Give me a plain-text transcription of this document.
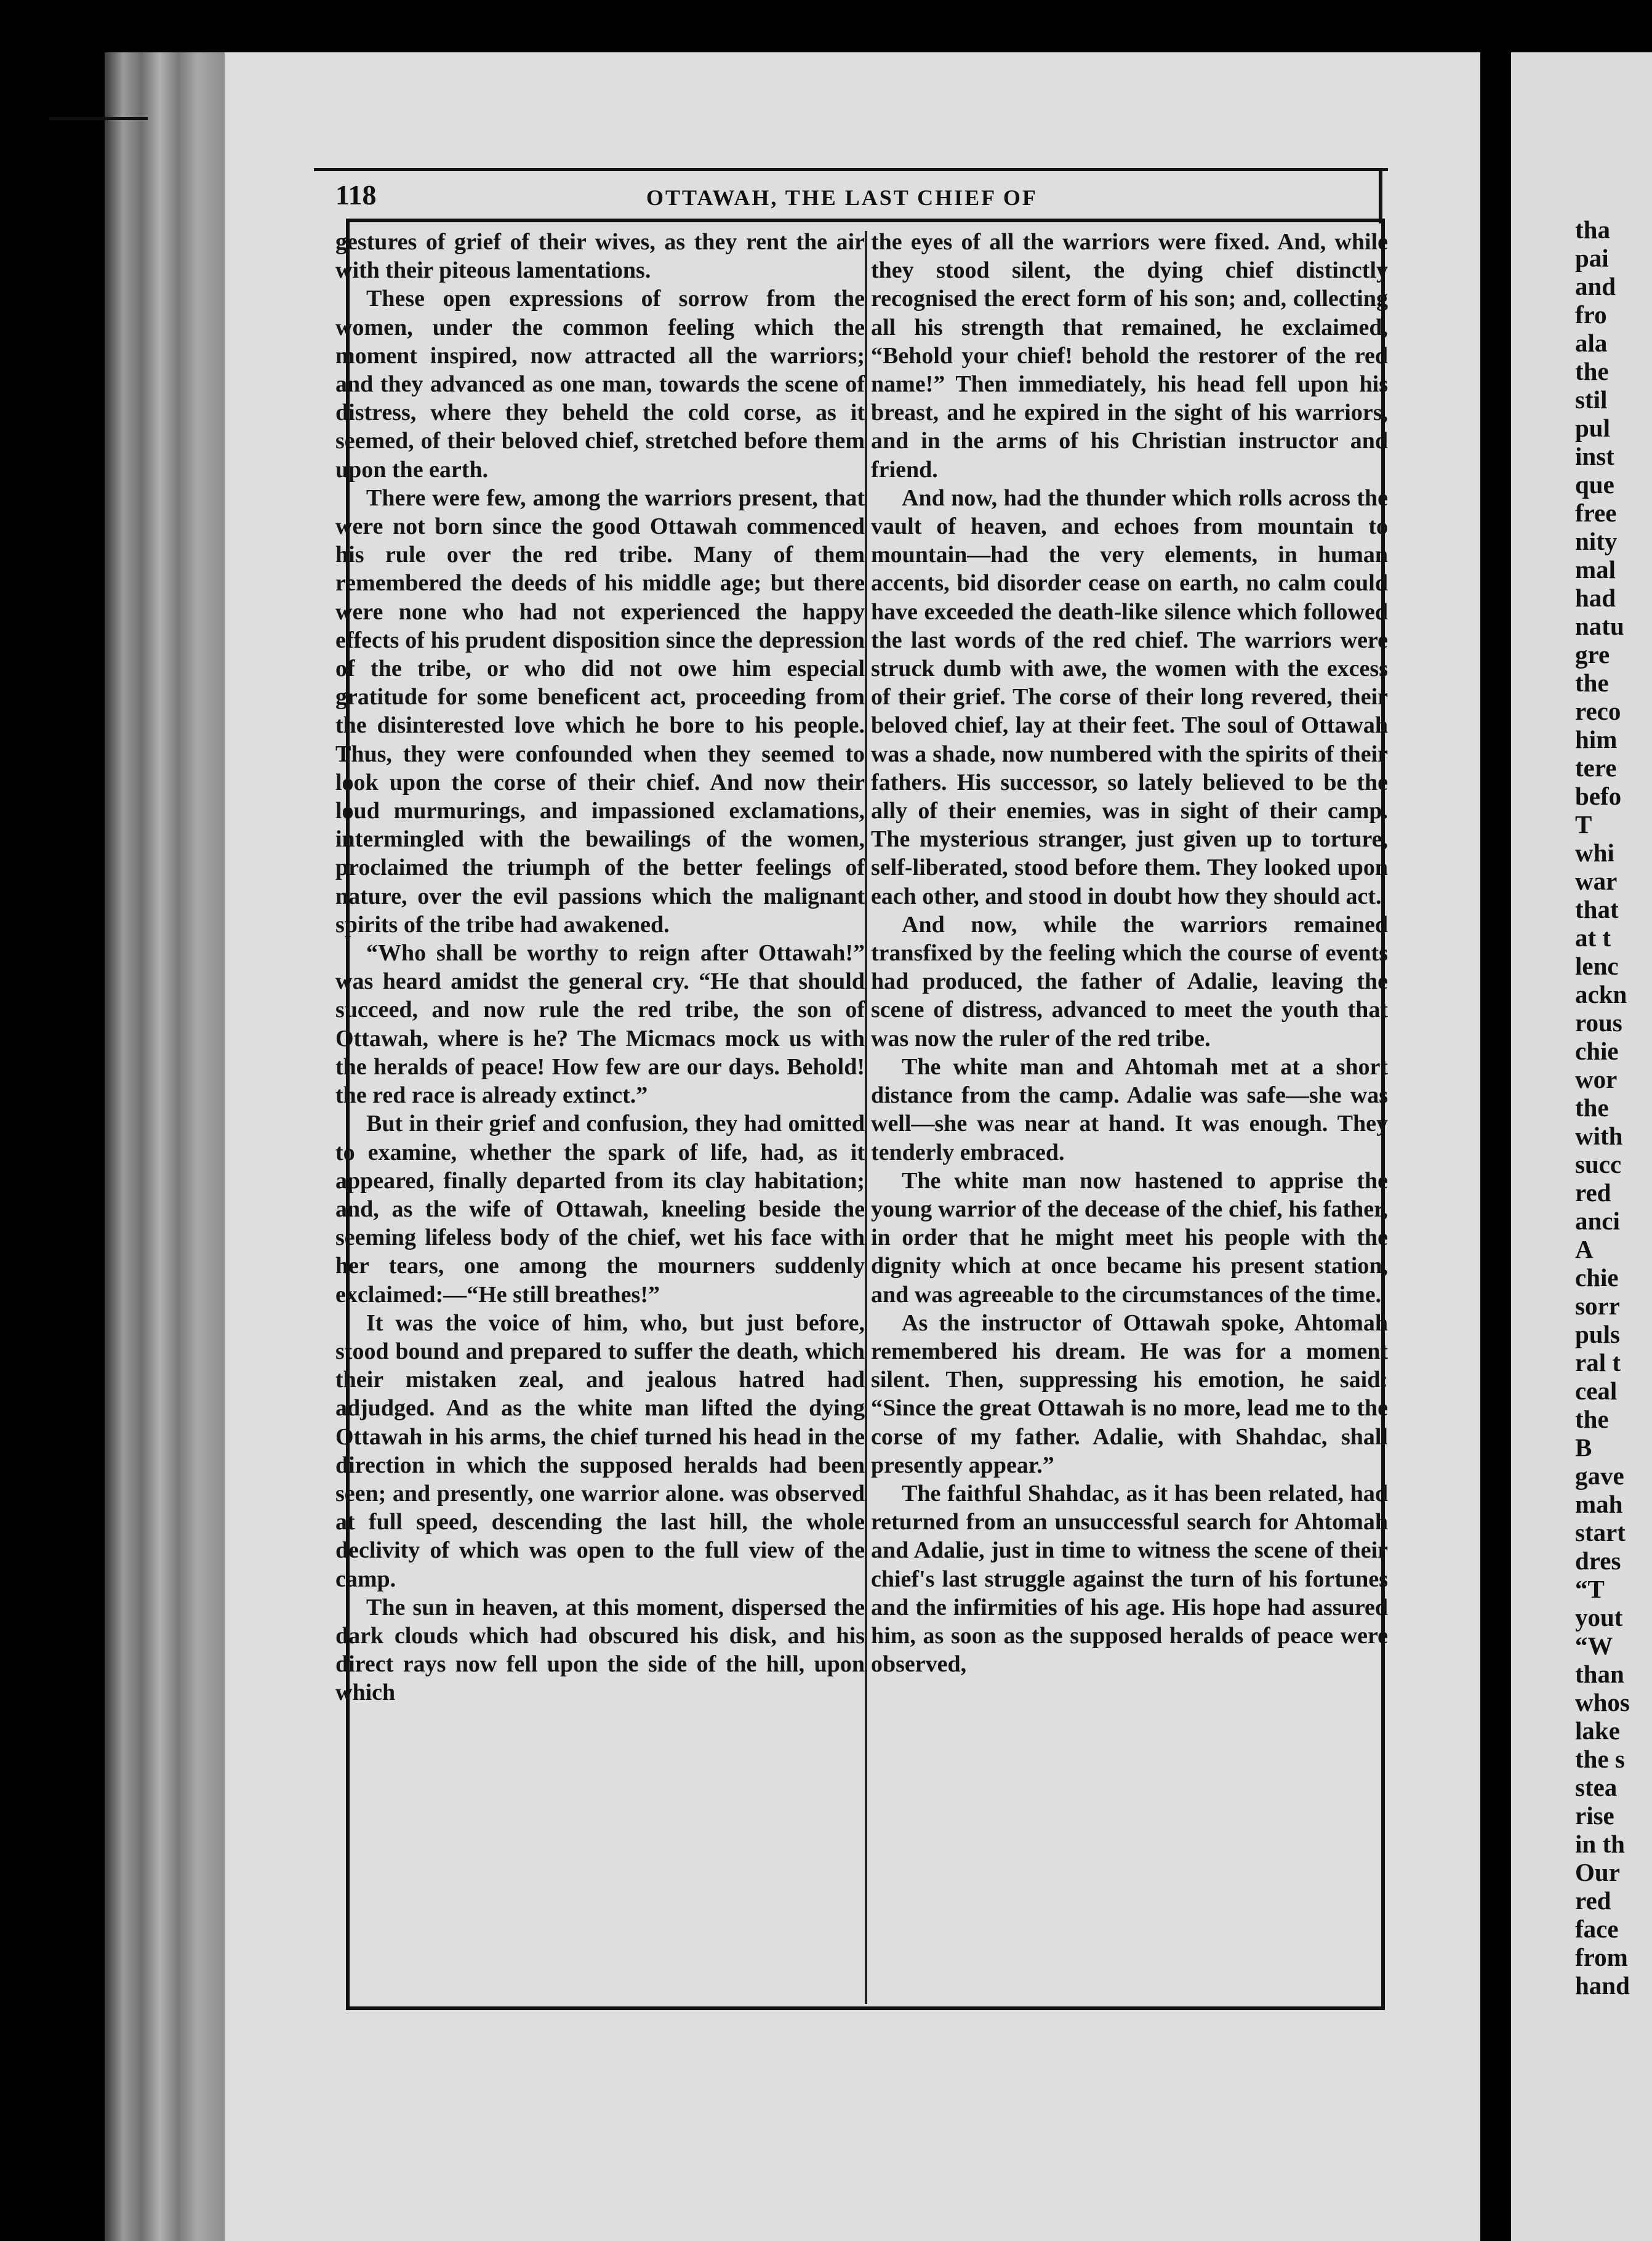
tha
pai
and
fro
ala
the
stil
pul
inst
que
free
nity
mal
had
natu
gre
the
reco
him
tere
befo
T
whi
war
that
at t
lenc
ackn
rous
chie
wor
the
with
succ
red
anci
A
chie
sorr
puls
ral t
ceal
the
B
gave
mah
start
dres
“T
yout
“W
than
whos
lake
the s
stea
rise
in th
Our
red
face
from
hand
118	OTTAWAH, THE LAST CHIEF OF

gestures of grief of their wives, as they rent the air with their piteous lamentations.

These open expressions of sorrow from the women, under the common feeling which the moment inspired, now attracted all the warriors; and they advanced as one man, towards the scene of distress, where they beheld the cold corse, as it seemed, of their beloved chief, stretched before them upon the earth.

There were few, among the warriors present, that were not born since the good Ottawah commenced his rule over the red tribe. Many of them remembered the deeds of his middle age; but there were none who had not experienced the happy effects of his prudent disposition since the depression of the tribe, or who did not owe him especial gratitude for some beneficent act, proceeding from the disinterested love which he bore to his people. Thus, they were confounded when they seemed to look upon the corse of their chief. And now their loud murmurings, and impassioned exclamations, intermingled with the bewailings of the women, proclaimed the triumph of the better feelings of nature, over the evil passions which the malignant spirits of the tribe had awakened.

“Who shall be worthy to reign after Ottawah!” was heard amidst the general cry. “He that should succeed, and now rule the red tribe, the son of Ottawah, where is he? The Micmacs mock us with the heralds of peace! How few are our days. Behold! the red race is already extinct.”

But in their grief and confusion, they had omitted to examine, whether the spark of life, had, as it appeared, finally departed from its clay habitation; and, as the wife of Ottawah, kneeling beside the seeming lifeless body of the chief, wet his face with her tears, one among the mourners suddenly exclaimed:—“He still breathes!”

It was the voice of him, who, but just before, stood bound and prepared to suffer the death, which their mistaken zeal, and jealous hatred had adjudged. And as the white man lifted the dying Ottawah in his arms, the chief turned his head in the direction in which the supposed heralds had been seen; and presently, one warrior alone. was observed at full speed, descending the last hill, the whole declivity of which was open to the full view of the camp.

The sun in heaven, at this moment, dispersed the dark clouds which had obscured his disk, and his direct rays now fell upon the side of the hill, upon which

the eyes of all the warriors were fixed. And, while they stood silent, the dying chief distinctly recognised the erect form of his son; and, collecting all his strength that remained, he exclaimed, “Behold your chief! behold the restorer of the red name!” Then immediately, his head fell upon his breast, and he expired in the sight of his warriors, and in the arms of his Christian instructor and friend.

And now, had the thunder which rolls across the vault of heaven, and echoes from mountain to mountain—had the very elements, in human accents, bid disorder cease on earth, no calm could have exceeded the death-like silence which followed the last words of the red chief. The warriors were struck dumb with awe, the women with the excess of their grief. The corse of their long revered, their beloved chief, lay at their feet. The soul of Ottawah was a shade, now numbered with the spirits of their fathers. His successor, so lately believed to be the ally of their enemies, was in sight of their camp. The mysterious stranger, just given up to torture, self-liberated, stood before them. They looked upon each other, and stood in doubt how they should act.

And now, while the warriors remained transfixed by the feeling which the course of events had produced, the father of Adalie, leaving the scene of distress, advanced to meet the youth that was now the ruler of the red tribe.

The white man and Ahtomah met at a short distance from the camp. Adalie was safe—she was well—she was near at hand. It was enough. They tenderly embraced.

The white man now hastened to apprise the young warrior of the decease of the chief, his father, in order that he might meet his people with the dignity which at once became his present station, and was agreeable to the circumstances of the time.

As the instructor of Ottawah spoke, Ahtomah remembered his dream. He was for a moment silent. Then, suppressing his emotion, he said: “Since the great Ottawah is no more, lead me to the corse of my father. Adalie, with Shahdac, shall presently appear.”

The faithful Shahdac, as it has been related, had returned from an unsuccessful search for Ahtomah and Adalie, just in time to witness the scene of their chief's last struggle against the turn of his fortunes and the infirmities of his age. His hope had assured him, as soon as the supposed heralds of peace were observed,
